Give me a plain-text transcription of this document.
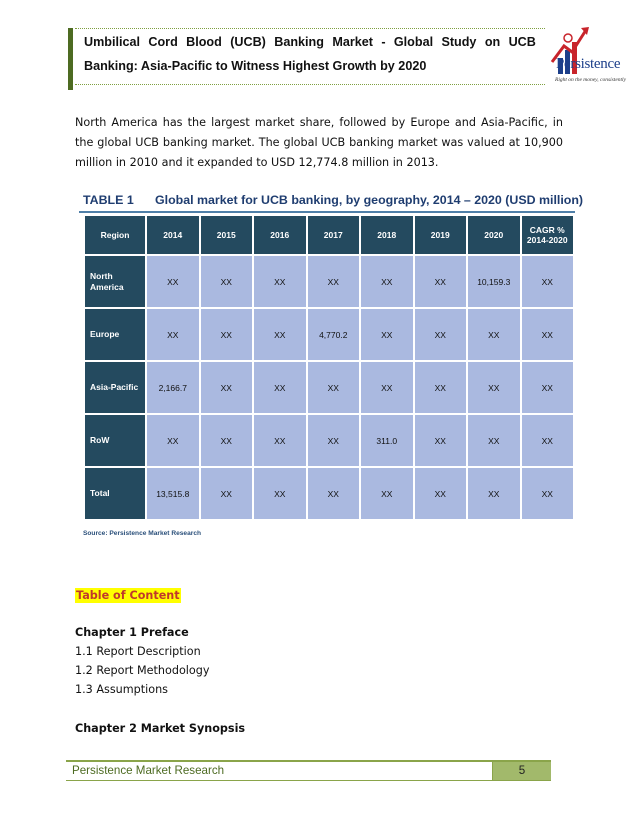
Umbilical Cord Blood (UCB) Banking Market - Global Study on UCB
Banking: Asia-Pacific to Witness Highest Growth by 2020	Persistence
Right on the money, consistently
North America has the largest market share, followed by Europe and Asia-Pacific, in the global UCB banking market. The global UCB banking market was valued at 10,900 million in 2010 and it expanded to USD 12,774.8 million in 2013.
TABLE 1 Global market for UCB banking, by geography, 2014 – 2020 (USD million)
Region	2014	2015	2016	2017	2018	2019	2020	CAGR %
2014-2020

North America	XX	XX	XX	XX	XX	XX	10,159.3	XX
Europe	XX	XX	XX	4,770.2	XX	XX	XX	XX
Asia-Pacific	2,166.7	XX	XX	XX	XX	XX	XX	XX
RoW	XX	XX	XX	XX	311.0	XX	XX	XX
Total	13,515.8	XX	XX	XX	XX	XX	XX	XX
Source: Persistence Market Research
Table of Content
Chapter 1 Preface
1.1 Report Description
1.2 Report Methodology
1.3 Assumptions
Chapter 2 Market Synopsis
Persistence Market Research	5
